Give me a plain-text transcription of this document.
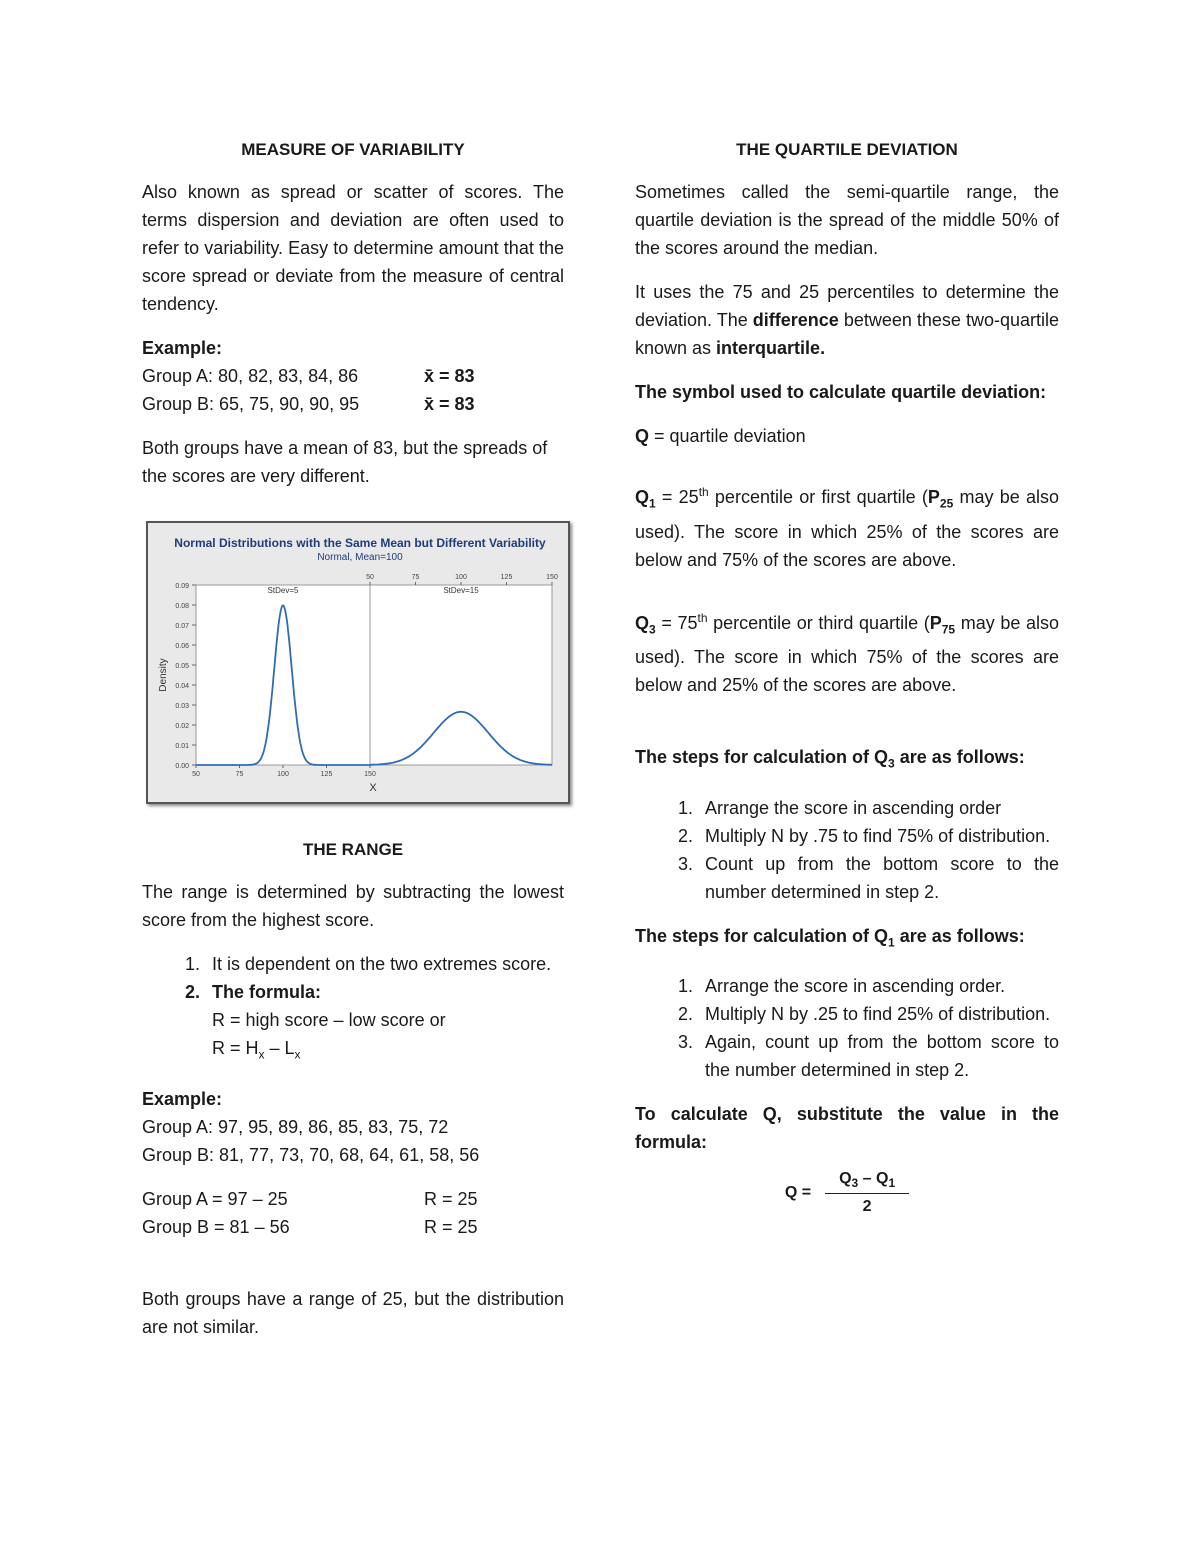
MEASURE OF VARIABILITY

Also known as spread or scatter of scores. The terms dispersion and deviation are often used to refer to variability. Easy to determine amount that the score spread or deviate from the measure of central tendency.

Example:

Group A: 80, 82, 83, 84, 86	x̄ = 83
Group B: 65, 75, 90, 90, 95	x̄ = 83

Both groups have a mean of 83, but the spreads of the scores are very different.

Normal Distributions with the Same Mean but Different Variability
Normal, Mean=100
Density
X
0.09
0.08
0.07
0.06
0.05
0.04
0.03
0.02
0.01
0.00
50	75	100	125	150
StDev=5
50	75	100	125	150
StDev=15
THE RANGE

The range is determined by subtracting the lowest score from the highest score.

1. It is dependent on the two extremes score.
2. The formula:

R = high score – low score or

$R = H_x - L_x$

Example:

Group A: 97, 95, 89, 86, 85, 83, 75, 72

Group B: 81, 77, 73, 70, 68, 64, 61, 58, 56

Group A = 97 – 25	R = 25
Group B = 81 – 56	R = 25

Both groups have a range of 25, but the distribution are not similar.

THE QUARTILE DEVIATION

Sometimes called the semi-quartile range, the quartile deviation is the spread of the middle 50% of the scores around the median.

It uses the 75 and 25 percentiles to determine the deviation. The difference between these two-quartile known as interquartile.

The symbol used to calculate quartile deviation:

Q = quartile deviation

$Q_1 = 25th$ percentile or first quartile ($P_{25}$ may be also used). The score in which 25% of the scores are below and 75% of the scores are above.

$Q_3 = 75th$ percentile or third quartile ($P_{75}$ may be also used). The score in which 75% of the scores are below and 25% of the scores are above.

The steps for calculation of $Q_3$ are as follows:

1. Arrange the score in ascending order
2. Multiply N by .75 to find 75% of distribution.
3. Count up from the bottom score to the number determined in step 2.

The steps for calculation of $Q_1$ are as follows:

1. Arrange the score in ascending order.
2. Multiply N by .25 to find 25% of distribution.
3. Again, count up from the bottom score to the number determined in step 2.

To calculate Q, substitute the value in the formula:

$Q = \frac{Q_3 - Q_1}{2}$
